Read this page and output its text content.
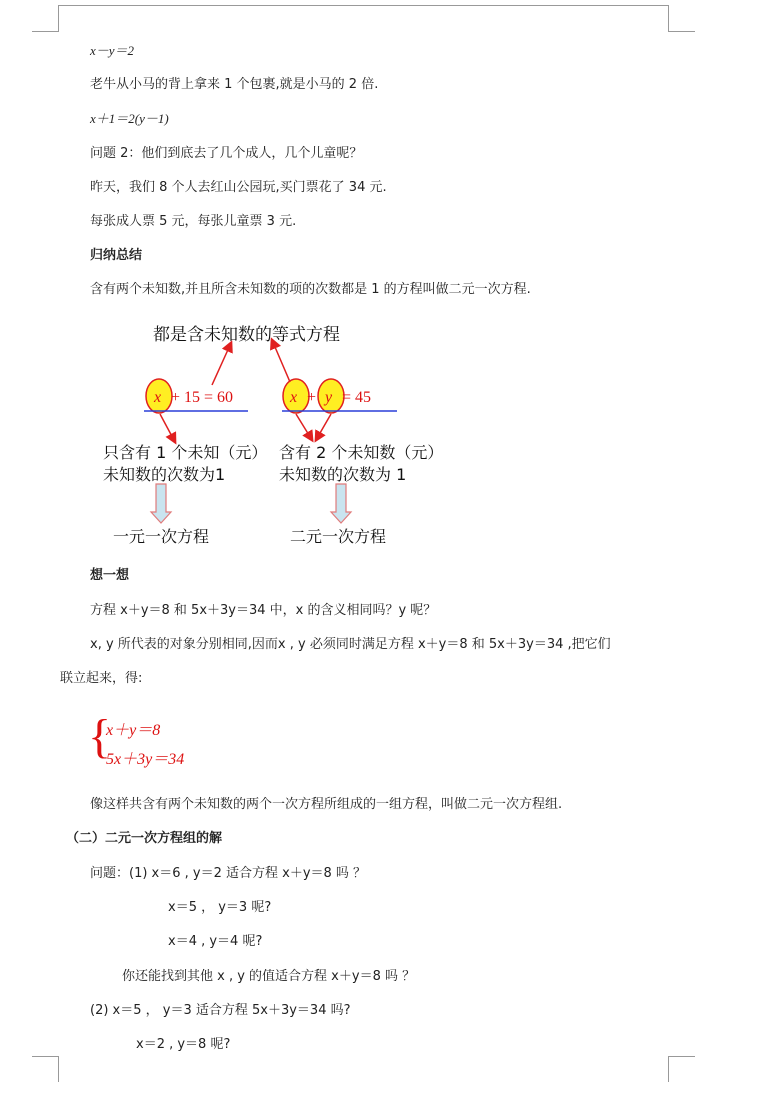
x－y＝2
老牛从小马的背上拿来 1 个包裹,就是小马的 2 倍.
x＋1＝2(y－1)
问题 2：他们到底去了几个成人，几个儿童呢？
昨天，我们 8 个人去红山公园玩,买门票花了 34 元.
每张成人票 5 元，每张儿童票 3 元.
归纳总结
含有两个未知数,并且所含未知数的项的次数都是 1 的方程叫做二元一次方程.
都是含未知数的等式方程
x + 15 = 60	x + y = 45
只含有 1 个未知（元）
未知数的次数为1
含有 2 个未知数（元）
未知数的次数为 1
一元一次方程	二元一次方程
想一想
方程 x＋y＝8 和 5x＋3y＝34 中，x 的含义相同吗？y 呢？
x, y 所代表的对象分别相同,因而x , y 必须同时满足方程 x＋y＝8 和 5x＋3y＝34 ,把它们
联立起来，得:
{
x＋y＝8
5x＋3y＝34
像这样共含有两个未知数的两个一次方程所组成的一组方程，叫做二元一次方程组.
（二）二元一次方程组的解
问题：(1) x＝6 , y＝2 适合方程 x＋y＝8 吗 ？
x＝5 ， y＝3 呢?
x＝4 , y＝4 呢?
你还能找到其他 x , y 的值适合方程 x＋y＝8 吗 ？
(2) x＝5 ， y＝3 适合方程 5x＋3y＝34 吗?
x＝2 , y＝8 呢?
